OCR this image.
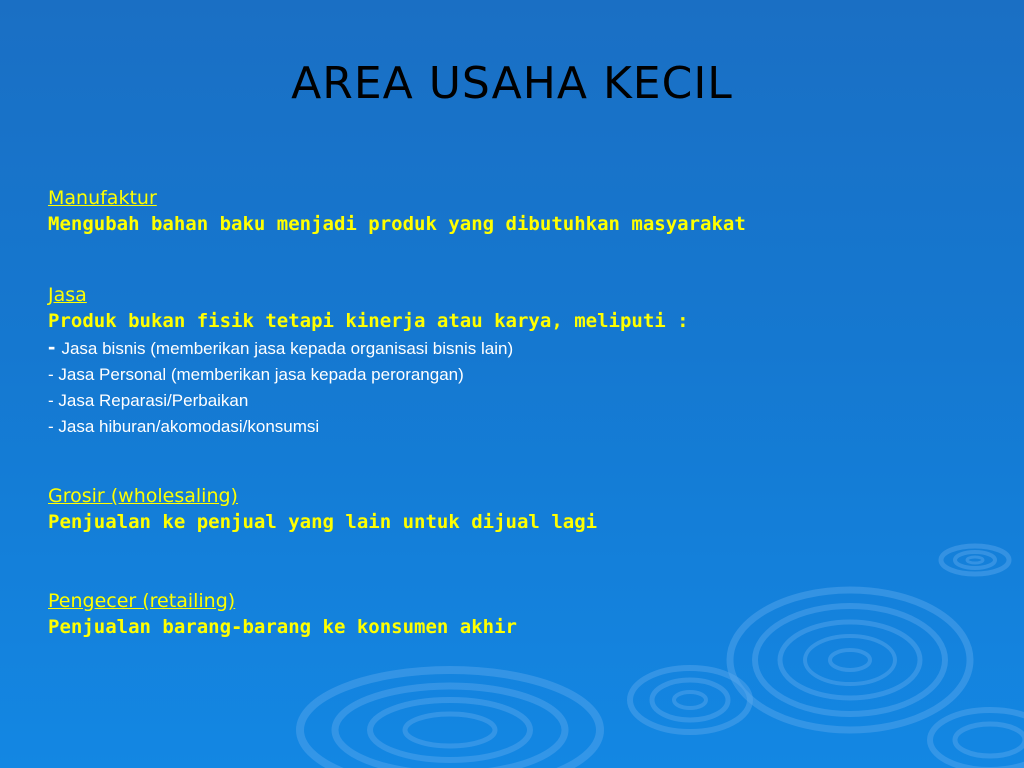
AREA USAHA KECIL
Manufaktur
Mengubah bahan baku menjadi produk yang dibutuhkan masyarakat
Jasa
Produk bukan fisik tetapi kinerja atau karya, meliputi :
- Jasa bisnis (memberikan jasa kepada organisasi bisnis lain)
- Jasa Personal (memberikan jasa kepada perorangan)
- Jasa Reparasi/Perbaikan
- Jasa hiburan/akomodasi/konsumsi
Grosir (wholesaling)
Penjualan ke penjual yang lain untuk dijual lagi
Pengecer (retailing)
Penjualan barang-barang ke konsumen akhir
